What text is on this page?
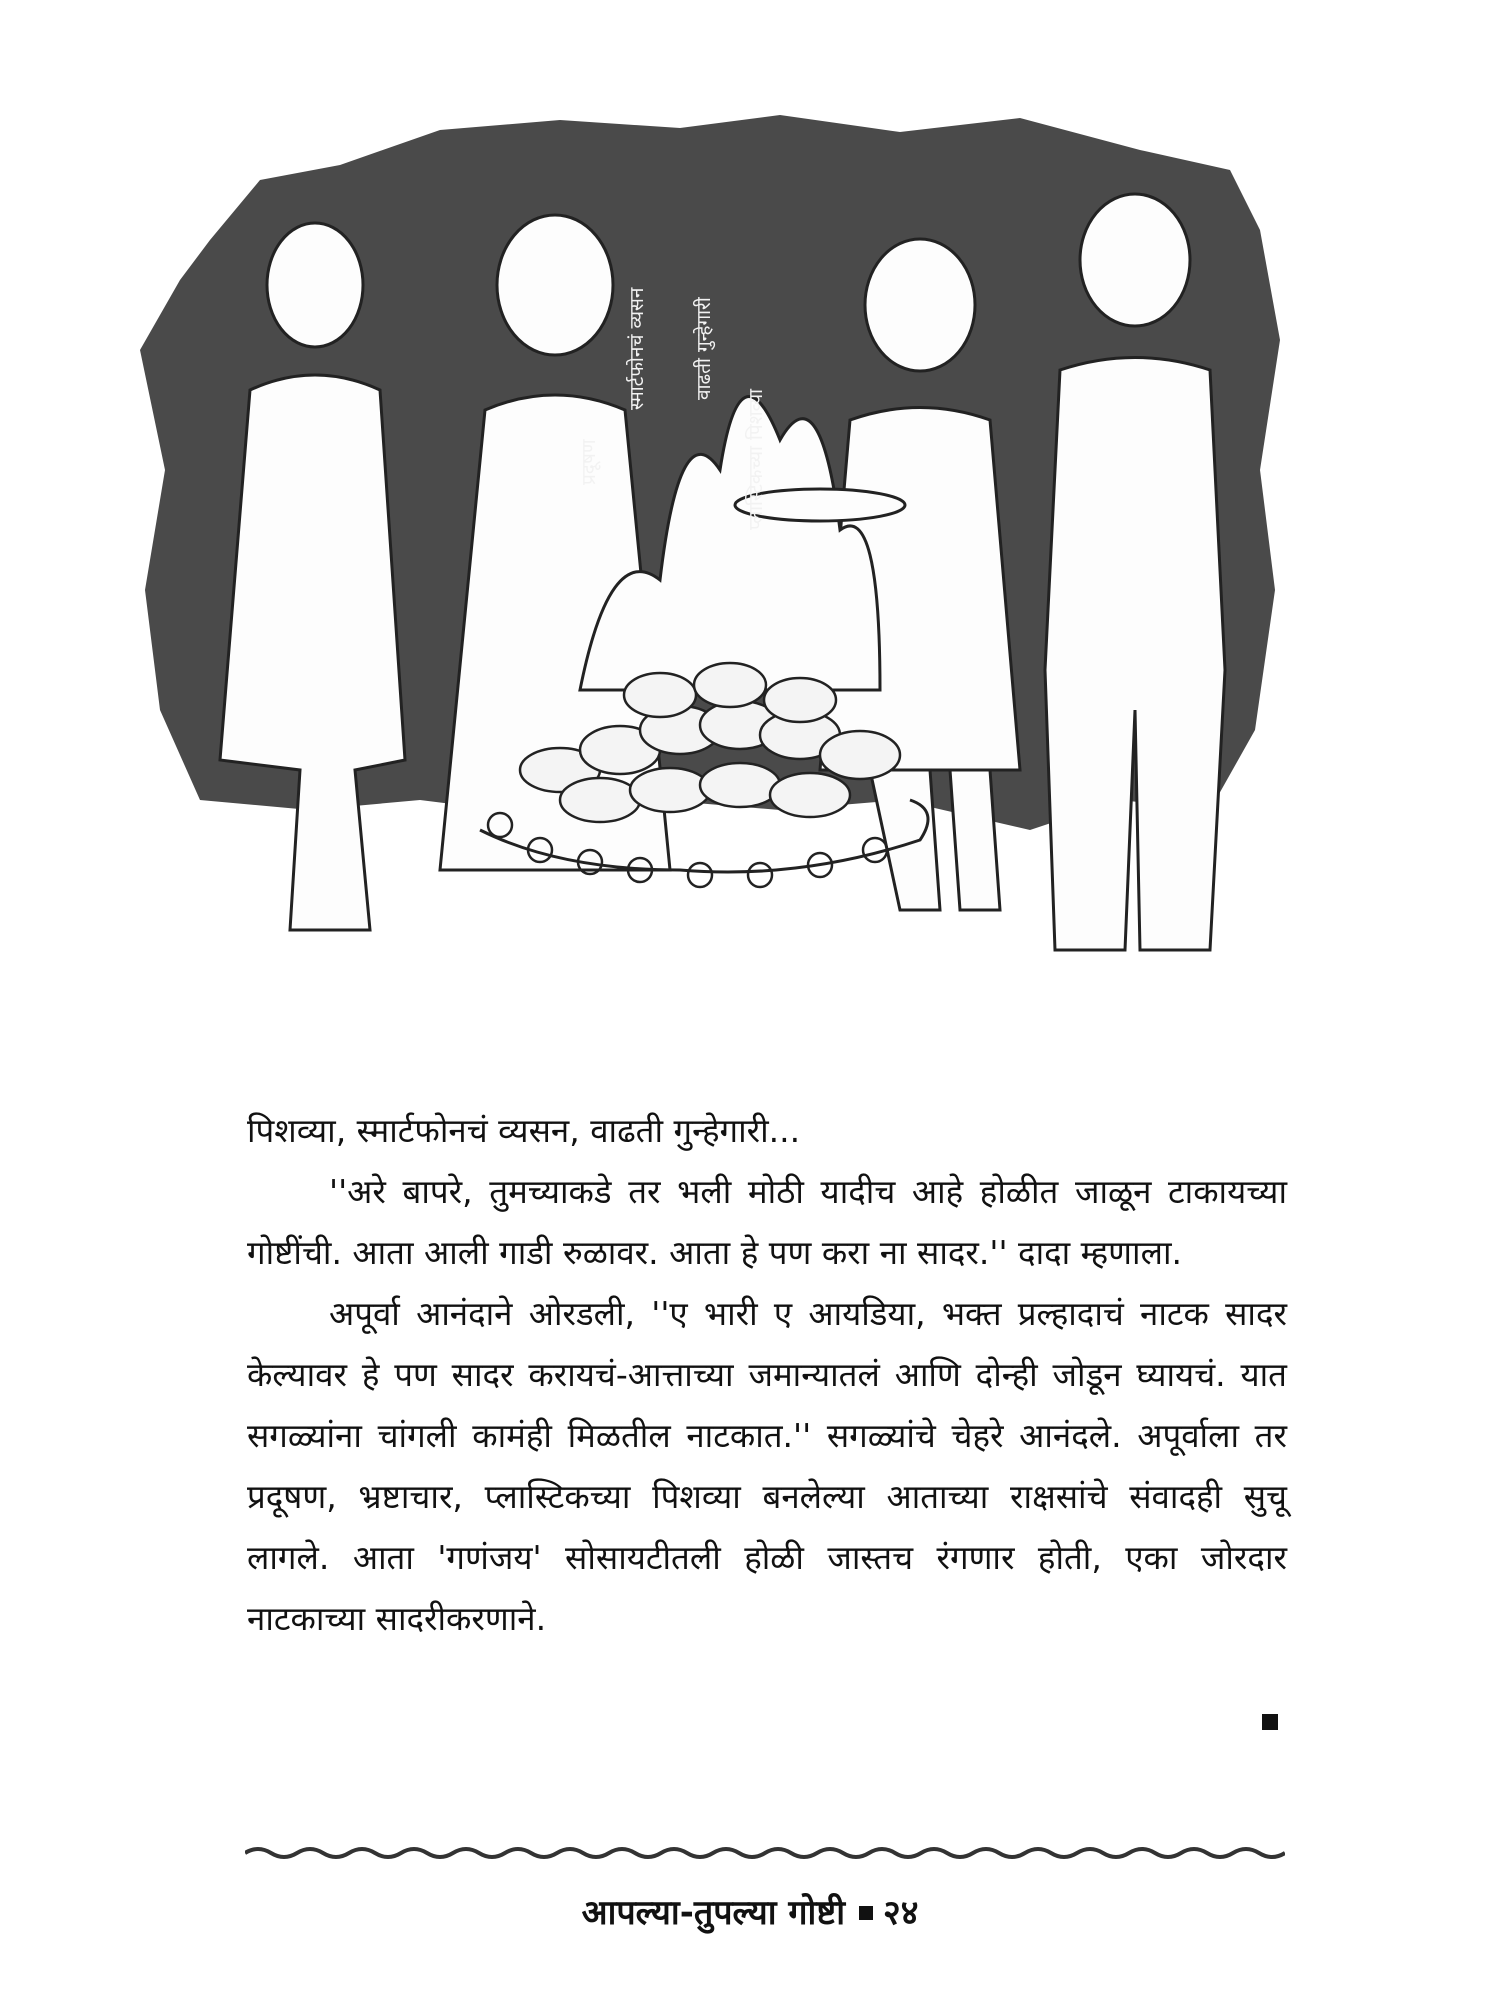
प्रदूषण
स्मार्टफोनचं व्यसन वाढती गुन्हेगारी
प्लास्टिकच्या पिशव्या

पिशव्या, स्मार्टफोनचं व्यसन, वाढती गुन्हेगारी...

''अरे बापरे, तुमच्याकडे तर भली मोठी यादीच आहे होळीत जाळून टाकायच्या गोष्टींची. आता आली गाडी रुळावर. आता हे पण करा ना सादर.'' दादा म्हणाला.

अपूर्वा आनंदाने ओरडली, ''ए भारी ए आयडिया, भक्त प्रल्हादाचं नाटक सादर केल्यावर हे पण सादर करायचं-आत्ताच्या जमान्यातलं आणि दोन्ही जोडून घ्यायचं. यात सगळ्यांना चांगली कामंही मिळतील नाटकात.'' सगळ्यांचे चेहरे आनंदले. अपूर्वाला तर प्रदूषण, भ्रष्टाचार, प्लास्टिकच्या पिशव्या बनलेल्या आताच्या राक्षसांचे संवादही सुचू लागले. आता 'गणंजय' सोसायटीतली होळी जास्तच रंगणार होती, एका जोरदार नाटकाच्या सादरीकरणाने.

आपल्या-तुपल्या गोष्टी २४
